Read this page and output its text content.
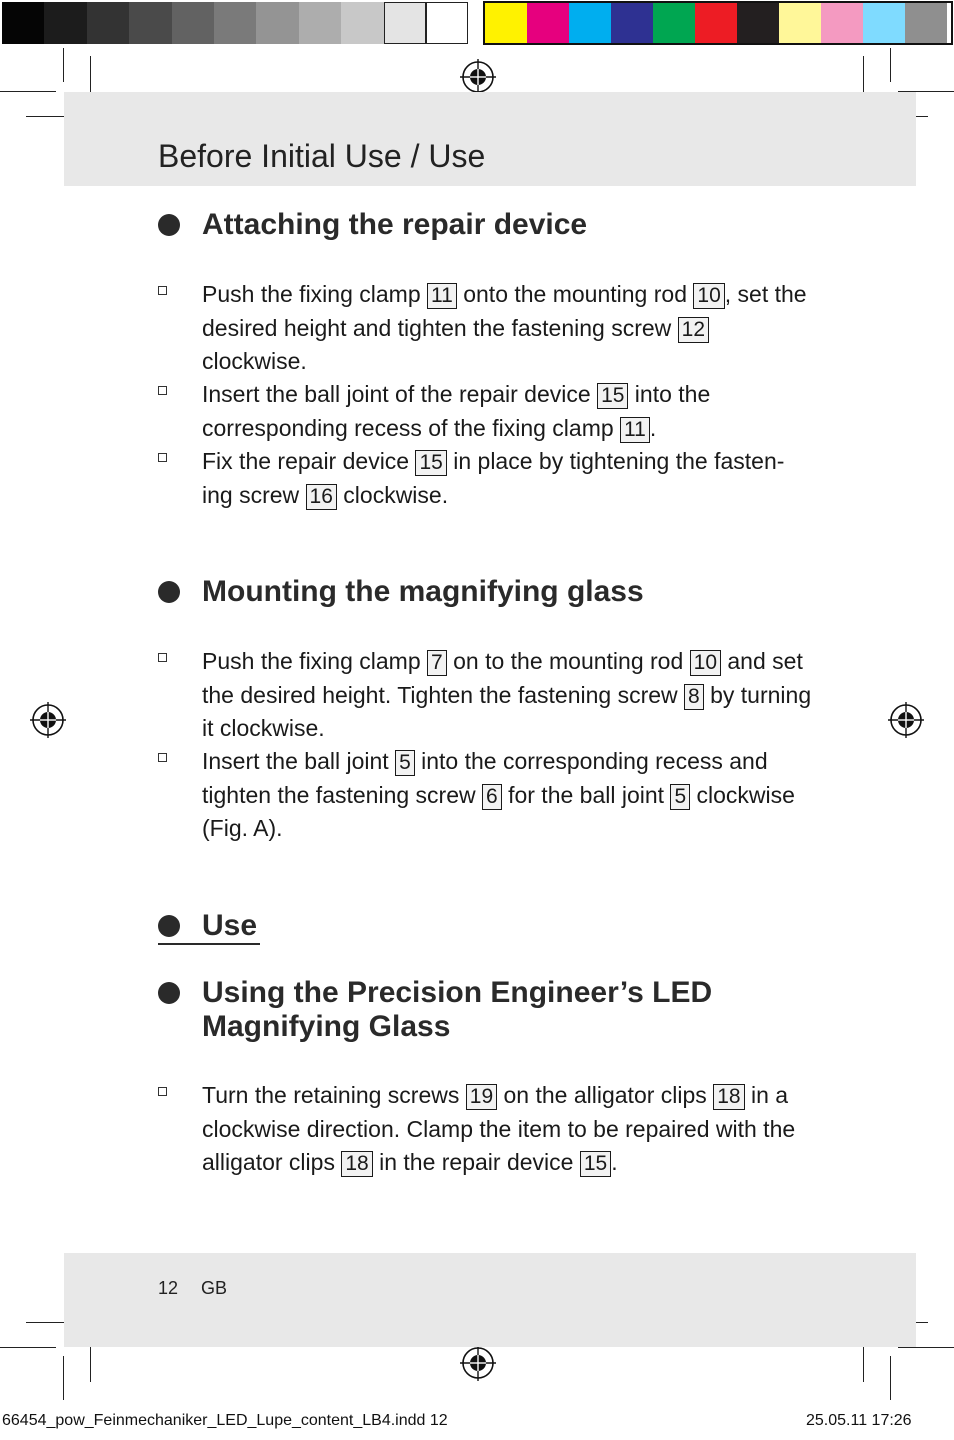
Before Initial Use / Use
Attaching the repair device
Push the fixing clamp 11 onto the mounting rod 10 , set the desired height and tighten the fastening screw 12 clockwise.
Insert the ball joint of the repair device 15 into the corresponding recess of the fixing clamp 11 .
Fix the repair device 15 in place by tightening the fasten-ing screw 16 clockwise.
Mounting the magnifying glass
Push the fixing clamp 7 on to the mounting rod 10 and set the desired height. Tighten the fastening screw 8 by turning it clockwise.
Insert the ball joint 5 into the corresponding recess and tighten the fastening screw 6 for the ball joint 5 clockwise (Fig. A).
Use
Using the Precision Engineer’s LED
Magnifying Glass
Turn the retaining screws 19 on the alligator clips 18 in a clockwise direction. Clamp the item to be repaired with the alligator clips 18 in the repair device 15 .
12 GB
66454_pow_Feinmechaniker_LED_Lupe_content_LB4.indd 12	25.05.11 17:26
